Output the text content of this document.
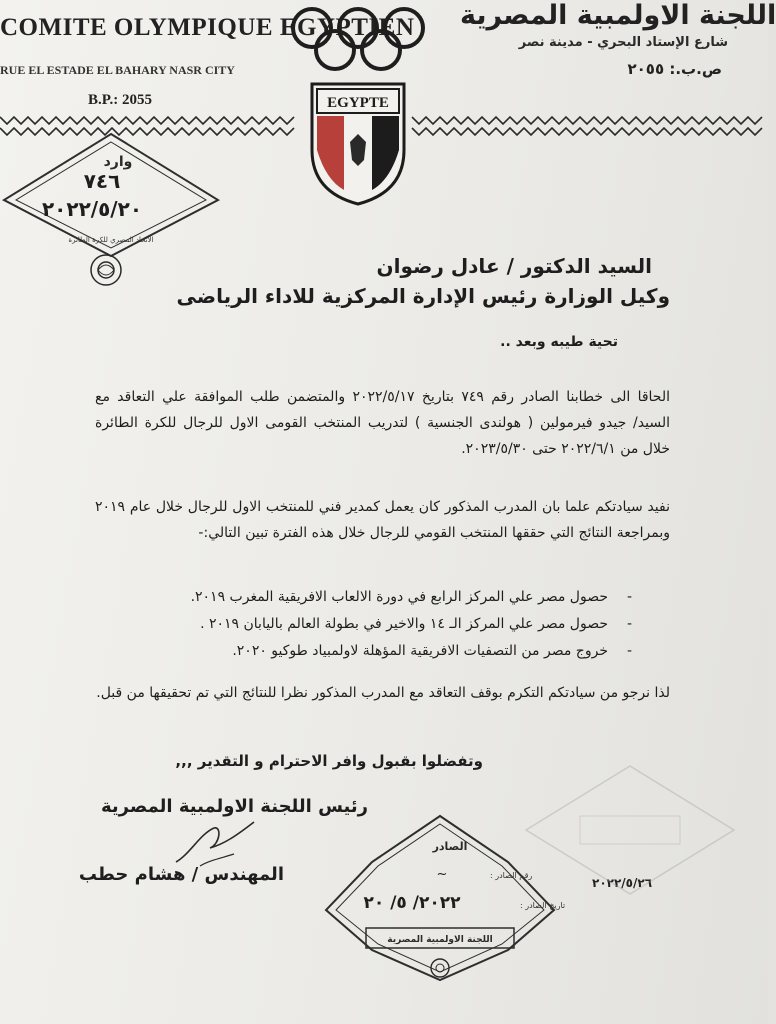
COMITE OLYMPIQUE EGYPTIEN
RUE EL ESTADE EL BAHARY NASR CITY
B.P.: 2055
اللجنة الاولمبية المصرية
شارع الإستاد البحري - مدينة نصر
ص.ب.: ٢٠٥٥
EGYPTE
وارد
٧٤٦
٢٠٢٢/٥/٢٠
الاتحاد المصري للكرة الطائرة
السيد الدكتور / عادل رضوان
وكيل الوزارة رئيس الإدارة المركزية للاداء الرياضى
تحية طيبه وبعد ..
الحاقا الى خطابنا الصادر رقم ٧٤٩ بتاريخ ٢٠٢٢/٥/١٧ والمتضمن طلب الموافقة علي التعاقد مع السيد/ جيدو فيرمولين ( هولندى الجنسية ) لتدريب المنتخب القومى الاول للرجال للكرة الطائرة خلال من ٢٠٢٢/٦/١ حتى ٢٠٢٣/٥/٣٠.
نفيد سيادتكم علما بان المدرب المذكور كان يعمل كمدير فني للمنتخب الاول للرجال خلال عام ٢٠١٩ وبمراجعة النتائج التي حققها المنتخب القومي للرجال خلال هذه الفترة تبين التالي:-
-
حصول مصر علي المركز الرابع في دورة الالعاب الافريقية المغرب ٢٠١٩.
-
حصول مصر علي المركز الـ ١٤ والاخير في بطولة العالم باليابان ٢٠١٩ .
-
خروج مصر من التصفيات الافريقية المؤهلة لاولمبياد طوكيو ٢٠٢٠.
لذا نرجو من سيادتكم التكرم بوقف التعاقد مع المدرب المذكور نظرا للنتائج التي تم تحقيقها من قبل.
وتفضلوا بقبول وافر الاحترام و التقدير ,,,
رئيس اللجنة الاولمبية المصرية
المهندس / هشام حطب	٢٠٢٢/٥/٢٦
الصادر
رقم الصادر :
~
تاريخ الصادر :
٢٠٢٢/ ٥/ ٢٠
اللجنة الاولمبية المصرية
